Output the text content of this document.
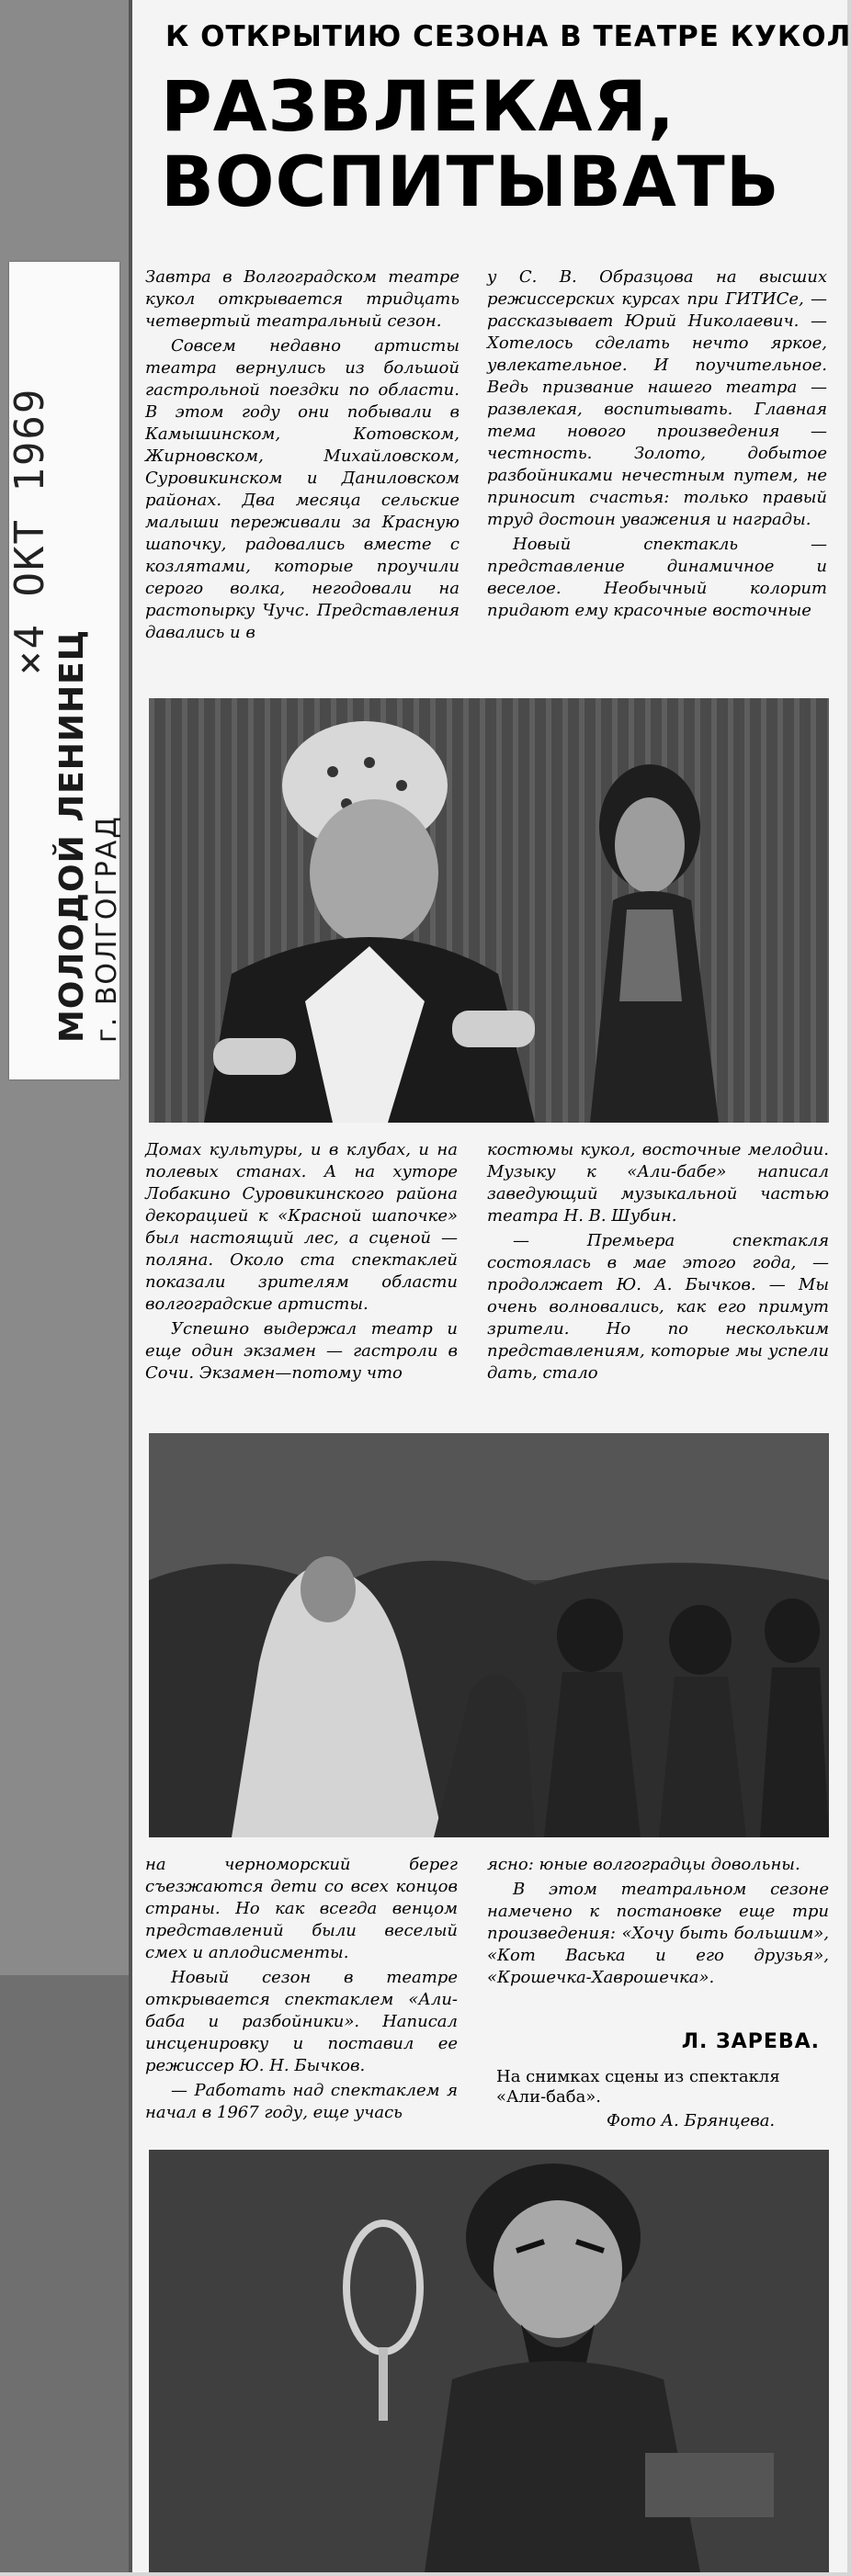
×4 ОКТ 1969
МОЛОДОЙ ЛЕНИНЕЦ г. ВОЛГОГРАД
К ОТКРЫТИЮ СЕЗОНА В ТЕАТРЕ КУКОЛ
РАЗВЛЕКАЯ,
ВОСПИТЫВАТЬ

Завтра в Волгоградском театре кукол открывается тридцать четвертый театральный сезон.

Совсем недавно артисты театра вернулись из большой гастрольной поездки по области. В этом году они побывали в Камышинском, Котовском, Жирновском, Михайловском, Суровикинском и Даниловском районах. Два месяца сельские малыши переживали за Красную шапочку, радовались вместе с козлятами, которые проучили серого волка, негодовали на растопырку Чучс. Представления давались и в

у С. В. Образцова на высших режиссерских курсах при ГИТИСе, — рассказывает Юрий Николаевич. — Хотелось сделать нечто яркое, увлекательное. И поучительное. Ведь призвание нашего театра — развлекая, воспитывать. Главная тема нового произведения — честность. Золото, добытое разбойниками нечестным путем, не приносит счастья: только правый труд достоин уважения и награды.

Новый спектакль — представление динамичное и веселое. Необычный колорит придают ему красочные восточные

Домах культуры, и в клубах, и на полевых станах. А на хуторе Лобакино Суровикинского района декорацией к «Красной шапочке» был настоящий лес, а сценой — поляна. Около ста спектаклей показали зрителям области волгоградские артисты.

Успешно выдержал театр и еще один экзамен — гастроли в Сочи. Экзамен—потому что

костюмы кукол, восточные мелодии. Музыку к «Али-бабе» написал заведующий музыкальной частью театра Н. В. Шубин.

— Премьера спектакля состоялась в мае этого года, — продолжает Ю. А. Бычков. — Мы очень волновались, как его примут зрители. Но по нескольким представлениям, которые мы успели дать, стало

на черноморский берег съезжаются дети со всех концов страны. Но как всегда венцом представлений были веселый смех и аплодисменты.

Новый сезон в театре открывается спектаклем «Али-баба и разбойники». Написал инсценировку и поставил ее режиссер Ю. Н. Бычков.

— Работать над спектаклем я начал в 1967 году, еще учась

ясно: юные волгоградцы довольны.

В этом театральном сезоне намечено к постановке еще три произведения: «Хочу быть большим», «Кот Васька и его друзья», «Крошечка-Хаврошечка».

Л. ЗАРЕВА.
На снимках сцены из спектакля «Али-баба».
Фото А. Брянцева.
